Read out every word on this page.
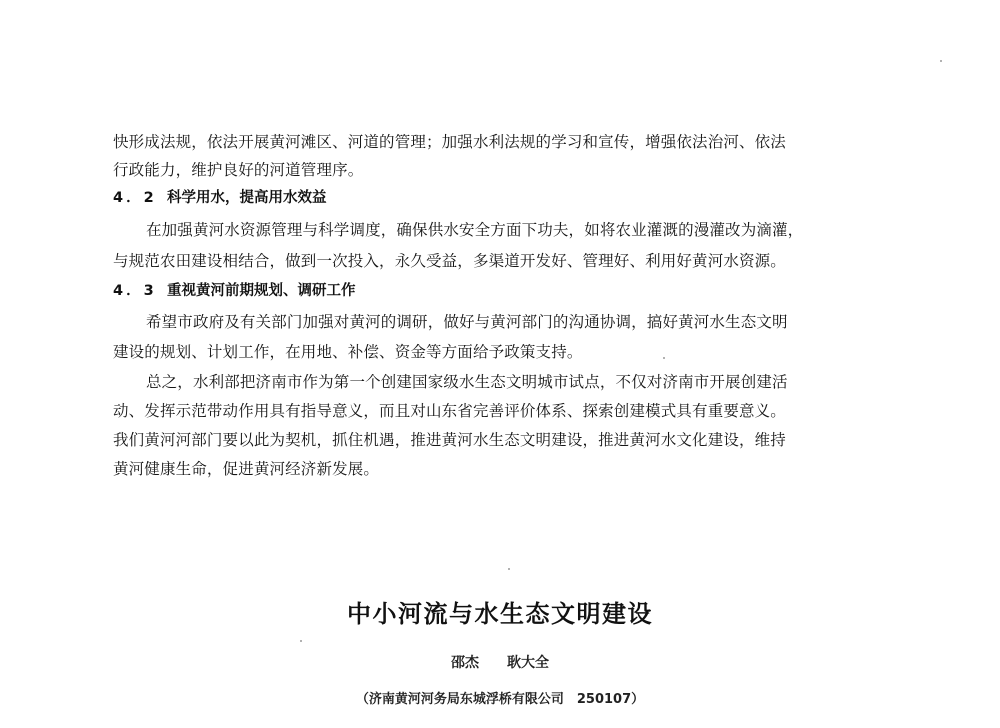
快形成法规，依法开展黄河滩区、河道的管理；加强水利法规的学习和宣传，增强依法治河、依法
行政能力，维护良好的河道管理序。
4．2 科学用水，提高用水效益
在加强黄河水资源管理与科学调度，确保供水安全方面下功夫，如将农业灌溉的漫灌改为滴灌，
与规范农田建设相结合，做到一次投入，永久受益，多渠道开发好、管理好、利用好黄河水资源。
4．3 重视黄河前期规划、调研工作
希望市政府及有关部门加强对黄河的调研，做好与黄河部门的沟通协调，搞好黄河水生态文明
建设的规划、计划工作，在用地、补偿、资金等方面给予政策支持。
总之，水利部把济南市作为第一个创建国家级水生态文明城市试点，不仅对济南市开展创建活
动、发挥示范带动作用具有指导意义，而且对山东省完善评价体系、探索创建模式具有重要意义。
我们黄河河部门要以此为契机，抓住机遇，推进黄河水生态文明建设，推进黄河水文化建设，维持
黄河健康生命，促进黄河经济新发展。
中小河流与水生态文明建设
邵杰 耿大全
（济南黄河河务局东城浮桥有限公司　250107）
